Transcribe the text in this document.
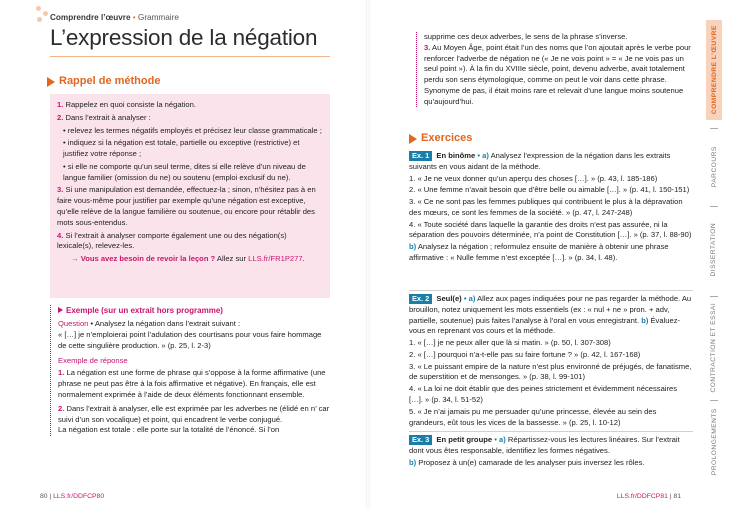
Comprendre l’œuvre • Grammaire
L’expression de la négation
Rappel de méthode

1. Rappelez en quoi consiste la négation.

2. Dans l’extrait à analyser :

• relevez les termes négatifs employés et précisez leur classe grammaticale ;

• indiquez si la négation est totale, partielle ou exceptive (restrictive) et justifiez votre réponse ;

• si elle ne comporte qu’un seul terme, dites si elle relève d’un niveau de langue familier (omission du ne) ou soutenu (emploi exclusif du ne).

3. Si une manipulation est demandée, effectuez-la ; sinon, n’hésitez pas à en faire vous-même pour justifier par exemple qu’une négation est exceptive, qu’elle relève de la langue familière ou soutenue, ou encore pour rétablir des mots sous-entendus.

4. Si l’extrait à analyser comporte également une ou des négation(s) lexicale(s), relevez-les.

→ Vous avez besoin de revoir la leçon ? Allez sur LLS.fr/FR1P277.

Exemple (sur un extrait hors programme)

Question • Analysez la négation dans l’extrait suivant :

« […] je n’emploierai point l’adulation des courtisans pour vous faire hommage de cette singulière production. » (p. 25, l. 2-3)

Exemple de réponse

1. La négation est une forme de phrase qui s’oppose à la forme affirmative (une phrase ne peut pas être à la fois affirmative et négative). En français, elle est normalement exprimée à l’aide de deux éléments fonctionnant ensemble.

2. Dans l’extrait à analyser, elle est exprimée par les adverbes ne (élidé en n’ car suivi d’un son vocalique) et point, qui encadrent le verbe conjugué.

La négation est totale : elle porte sur la totalité de l’énoncé. Si l’on

80 | LLS.fr/DDFCP80

supprime ces deux adverbes, le sens de la phrase s’inverse.

3. Au Moyen Âge, point était l’un des noms que l’on ajoutait après le verbe pour renforcer l’adverbe de négation ne (« Je ne vois point » = « Je ne vois pas un seul point »). À la fin du XVIIIe siècle, point, devenu adverbe, avait totalement perdu son sens étymologique, comme on peut le voir dans cette phrase. Synonyme de pas, il était moins rare et relevait d’une langue moins soutenue qu’aujourd’hui.

Exercices

Ex. 1 En binôme • a) Analysez l’expression de la négation dans les extraits suivants en vous aidant de la méthode.

1. « Je ne veux donner qu’un aperçu des choses […]. » (p. 43, l. 185-186)

2. « Une femme n’avait besoin que d’être belle ou aimable […]. » (p. 41, l. 150-151)

3. « Ce ne sont pas les femmes publiques qui contribuent le plus à la dépravation des mœurs, ce sont les femmes de la société. » (p. 47, l. 247-248)

4. « Toute société dans laquelle la garantie des droits n’est pas assurée, ni la séparation des pouvoirs déterminée, n’a point de Constitution […]. » (p. 37, l. 88-90)

b) Analysez la négation ; reformulez ensuite de manière à obtenir une phrase affirmative : « Nulle femme n’est exceptée […]. » (p. 34, l. 48).

Ex. 2 Seul(e) • a) Allez aux pages indiquées pour ne pas regarder la méthode. Au brouillon, notez uniquement les mots essentiels (ex : « nul + ne » pron. + adv, partielle, soutenue) puis faites l’analyse à l’oral en vous enregistrant. b) Évaluez-vous en reprenant vos cours et la méthode.

1. « […] je ne peux aller que là si matin. » (p. 50, l. 307-308)

2. « […] pourquoi n’a-t-elle pas su faire fortune ? » (p. 42, l. 167-168)

3. « Le puissant empire de la nature n’est plus environné de préjugés, de fanatisme, de superstition et de mensonges. » (p. 38, l. 99-101)

4. « La loi ne doit établir que des peines strictement et évidemment nécessaires […]. » (p. 34, l. 51-52)

5. « Je n’ai jamais pu me persuader qu’une princesse, élevée au sein des grandeurs, eût tous les vices de la bassesse. » (p. 25, l. 10-12)

Ex. 3 En petit groupe • a) Répartissez-vous les lectures linéaires. Sur l’extrait dont vous êtes responsable, identifiez les formes négatives.

b) Proposez à un(e) camarade de les analyser puis inversez les rôles.

LLS.fr/DDFCP81 | 81
COMPRENDRE L’ŒUVRE
PARCOURS
DISSERTATION
CONTRACTION ET ESSAI
PROLONGEMENTS
